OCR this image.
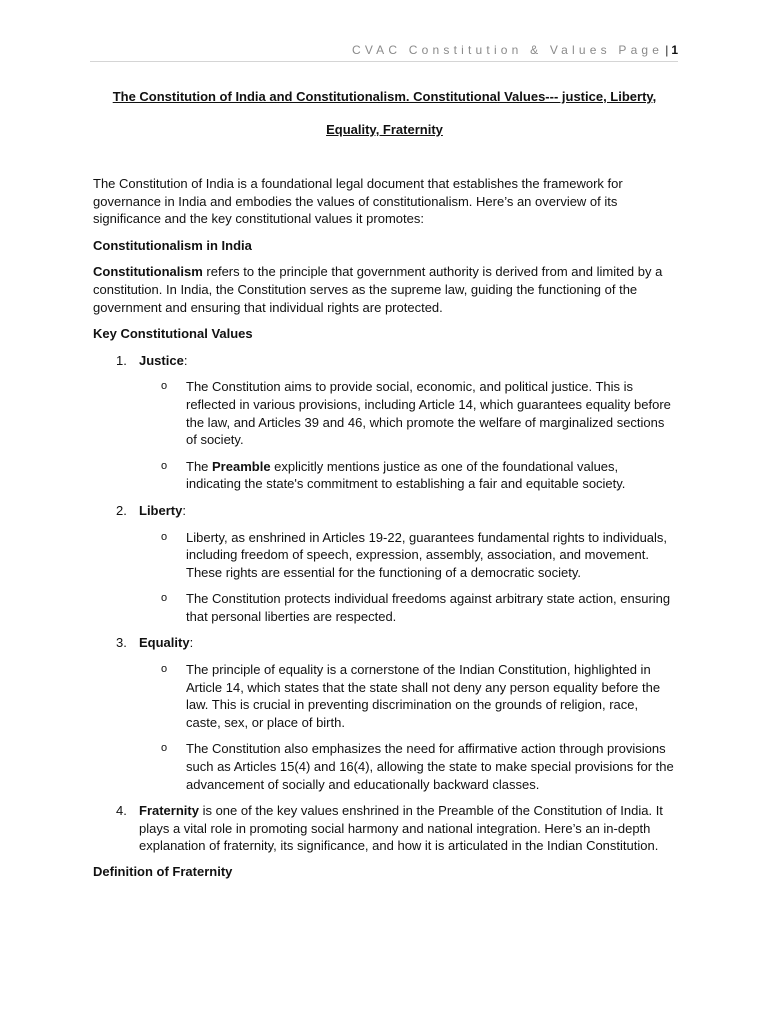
CVAC Constitution & Values Page | 1
The Constitution of India and Constitutionalism. Constitutional Values--- justice, Liberty,
Equality, Fraternity

The Constitution of India is a foundational legal document that establishes the framework for governance in India and embodies the values of constitutionalism. Here’s an overview of its significance and the key constitutional values it promotes:

Constitutionalism in India

Constitutionalism refers to the principle that government authority is derived from and limited by a constitution. In India, the Constitution serves as the supreme law, guiding the functioning of the government and ensuring that individual rights are protected.

Key Constitutional Values
1. Justice:
o The Constitution aims to provide social, economic, and political justice. This is reflected in various provisions, including Article 14, which guarantees equality before the law, and Articles 39 and 46, which promote the welfare of marginalized sections of society.
o The Preamble explicitly mentions justice as one of the foundational values, indicating the state's commitment to establishing a fair and equitable society.
2. Liberty:
o Liberty, as enshrined in Articles 19-22, guarantees fundamental rights to individuals, including freedom of speech, expression, assembly, association, and movement. These rights are essential for the functioning of a democratic society.
o The Constitution protects individual freedoms against arbitrary state action, ensuring that personal liberties are respected.
3. Equality:
o The principle of equality is a cornerstone of the Indian Constitution, highlighted in Article 14, which states that the state shall not deny any person equality before the law. This is crucial in preventing discrimination on the grounds of religion, race, caste, sex, or place of birth.
o The Constitution also emphasizes the need for affirmative action through provisions such as Articles 15(4) and 16(4), allowing the state to make special provisions for the advancement of socially and educationally backward classes.
4. Fraternity is one of the key values enshrined in the Preamble of the Constitution of India. It plays a vital role in promoting social harmony and national integration. Here’s an in-depth explanation of fraternity, its significance, and how it is articulated in the Indian Constitution.
Definition of Fraternity
